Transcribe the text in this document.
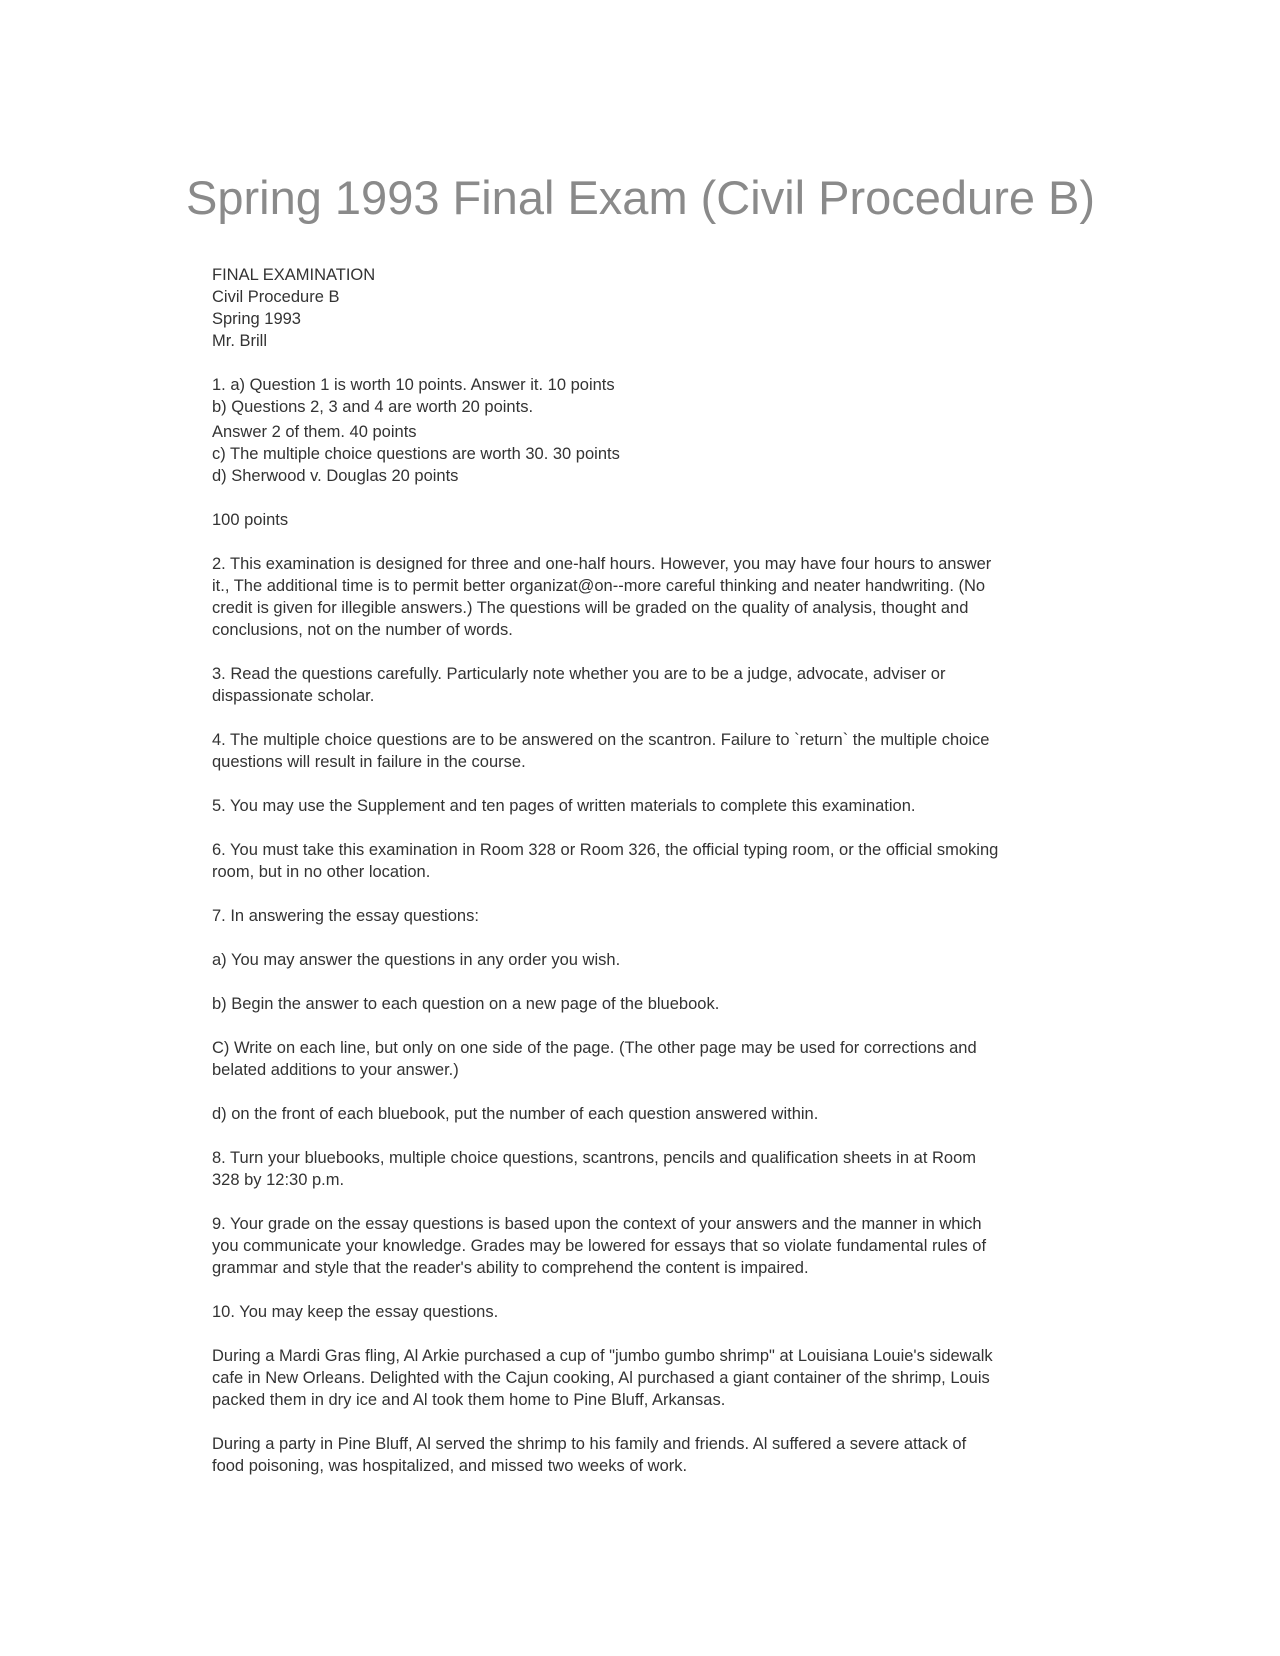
Spring 1993 Final Exam (Civil Procedure B)
FINAL EXAMINATION
Civil Procedure B
Spring 1993
Mr. Brill
1. a) Question 1 is worth 10 points. Answer it. 10 points
b) Questions 2, 3 and 4 are worth 20 points.
Answer 2 of them. 40 points
c) The multiple choice questions are worth 30. 30 points
d) Sherwood v. Douglas 20 points
100 points
2. This examination is designed for three and one-half hours. However, you may have four hours to answer
it., The additional time is to permit better organizat@on--more careful thinking and neater handwriting. (No
credit is given for illegible answers.) The questions will be graded on the quality of analysis, thought and
conclusions, not on the number of words.
3. Read the questions carefully. Particularly note whether you are to be a judge, advocate, adviser or
dispassionate scholar.
4. The multiple choice questions are to be answered on the scantron. Failure to `return` the multiple choice
questions will result in failure in the course.
5. You may use the Supplement and ten pages of written materials to complete this examination.
6. You must take this examination in Room 328 or Room 326, the official typing room, or the official smoking
room, but in no other location.
7. In answering the essay questions:
a) You may answer the questions in any order you wish.
b) Begin the answer to each question on a new page of the bluebook.
C) Write on each line, but only on one side of the page. (The other page may be used for corrections and
belated additions to your answer.)
d) on the front of each bluebook, put the number of each question answered within.
8. Turn your bluebooks, multiple choice questions, scantrons, pencils and qualification sheets in at Room
328 by 12:30 p.m.
9. Your grade on the essay questions is based upon the context of your answers and the manner in which
you communicate your knowledge. Grades may be lowered for essays that so violate fundamental rules of
grammar and style that the reader's ability to comprehend the content is impaired.
10. You may keep the essay questions.
During a Mardi Gras fling, Al Arkie purchased a cup of "jumbo gumbo shrimp" at Louisiana Louie's sidewalk
cafe in New Orleans. Delighted with the Cajun cooking, Al purchased a giant container of the shrimp, Louis
packed them in dry ice and Al took them home to Pine Bluff, Arkansas.
During a party in Pine Bluff, Al served the shrimp to his family and friends. Al suffered a severe attack of
food poisoning, was hospitalized, and missed two weeks of work.
